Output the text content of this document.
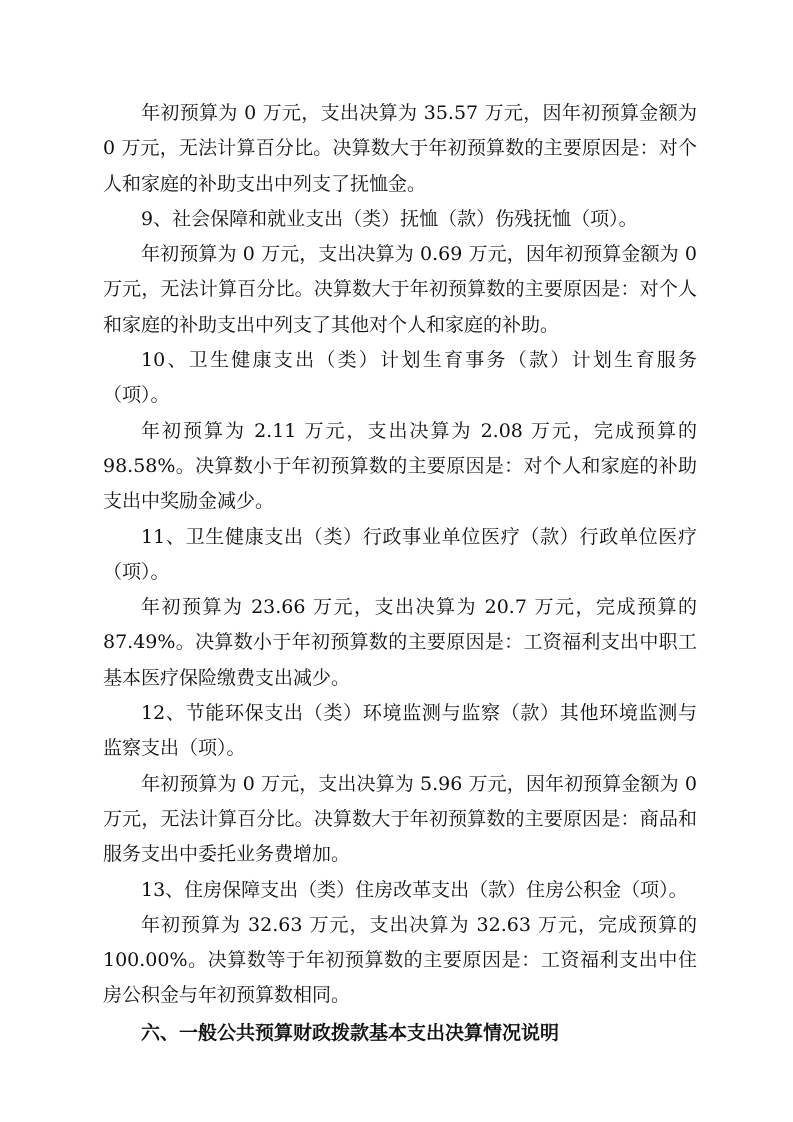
年初预算为 0 万元，支出决算为 35.57 万元，因年初预算金额为 0 万元，无法计算百分比。决算数大于年初预算数的主要原因是：对个人和家庭的补助支出中列支了抚恤金。

9、社会保障和就业支出（类）抚恤（款）伤残抚恤（项）。

年初预算为 0 万元，支出决算为 0.69 万元，因年初预算金额为 0 万元，无法计算百分比。决算数大于年初预算数的主要原因是：对个人和家庭的补助支出中列支了其他对个人和家庭的补助。

10、卫生健康支出（类）计划生育事务（款）计划生育服务（项）。

年初预算为 2.11 万元，支出决算为 2.08 万元，完成预算的 98.58%。决算数小于年初预算数的主要原因是：对个人和家庭的补助支出中奖励金减少。

11、卫生健康支出（类）行政事业单位医疗（款）行政单位医疗（项）。

年初预算为 23.66 万元，支出决算为 20.7 万元，完成预算的 87.49%。决算数小于年初预算数的主要原因是：工资福利支出中职工基本医疗保险缴费支出减少。

12、节能环保支出（类）环境监测与监察（款）其他环境监测与监察支出（项）。

年初预算为 0 万元，支出决算为 5.96 万元，因年初预算金额为 0 万元，无法计算百分比。决算数大于年初预算数的主要原因是：商品和服务支出中委托业务费增加。

13、住房保障支出（类）住房改革支出（款）住房公积金（项）。

年初预算为 32.63 万元，支出决算为 32.63 万元，完成预算的 100.00%。决算数等于年初预算数的主要原因是：工资福利支出中住房公积金与年初预算数相同。

六、一般公共预算财政拨款基本支出决算情况说明
